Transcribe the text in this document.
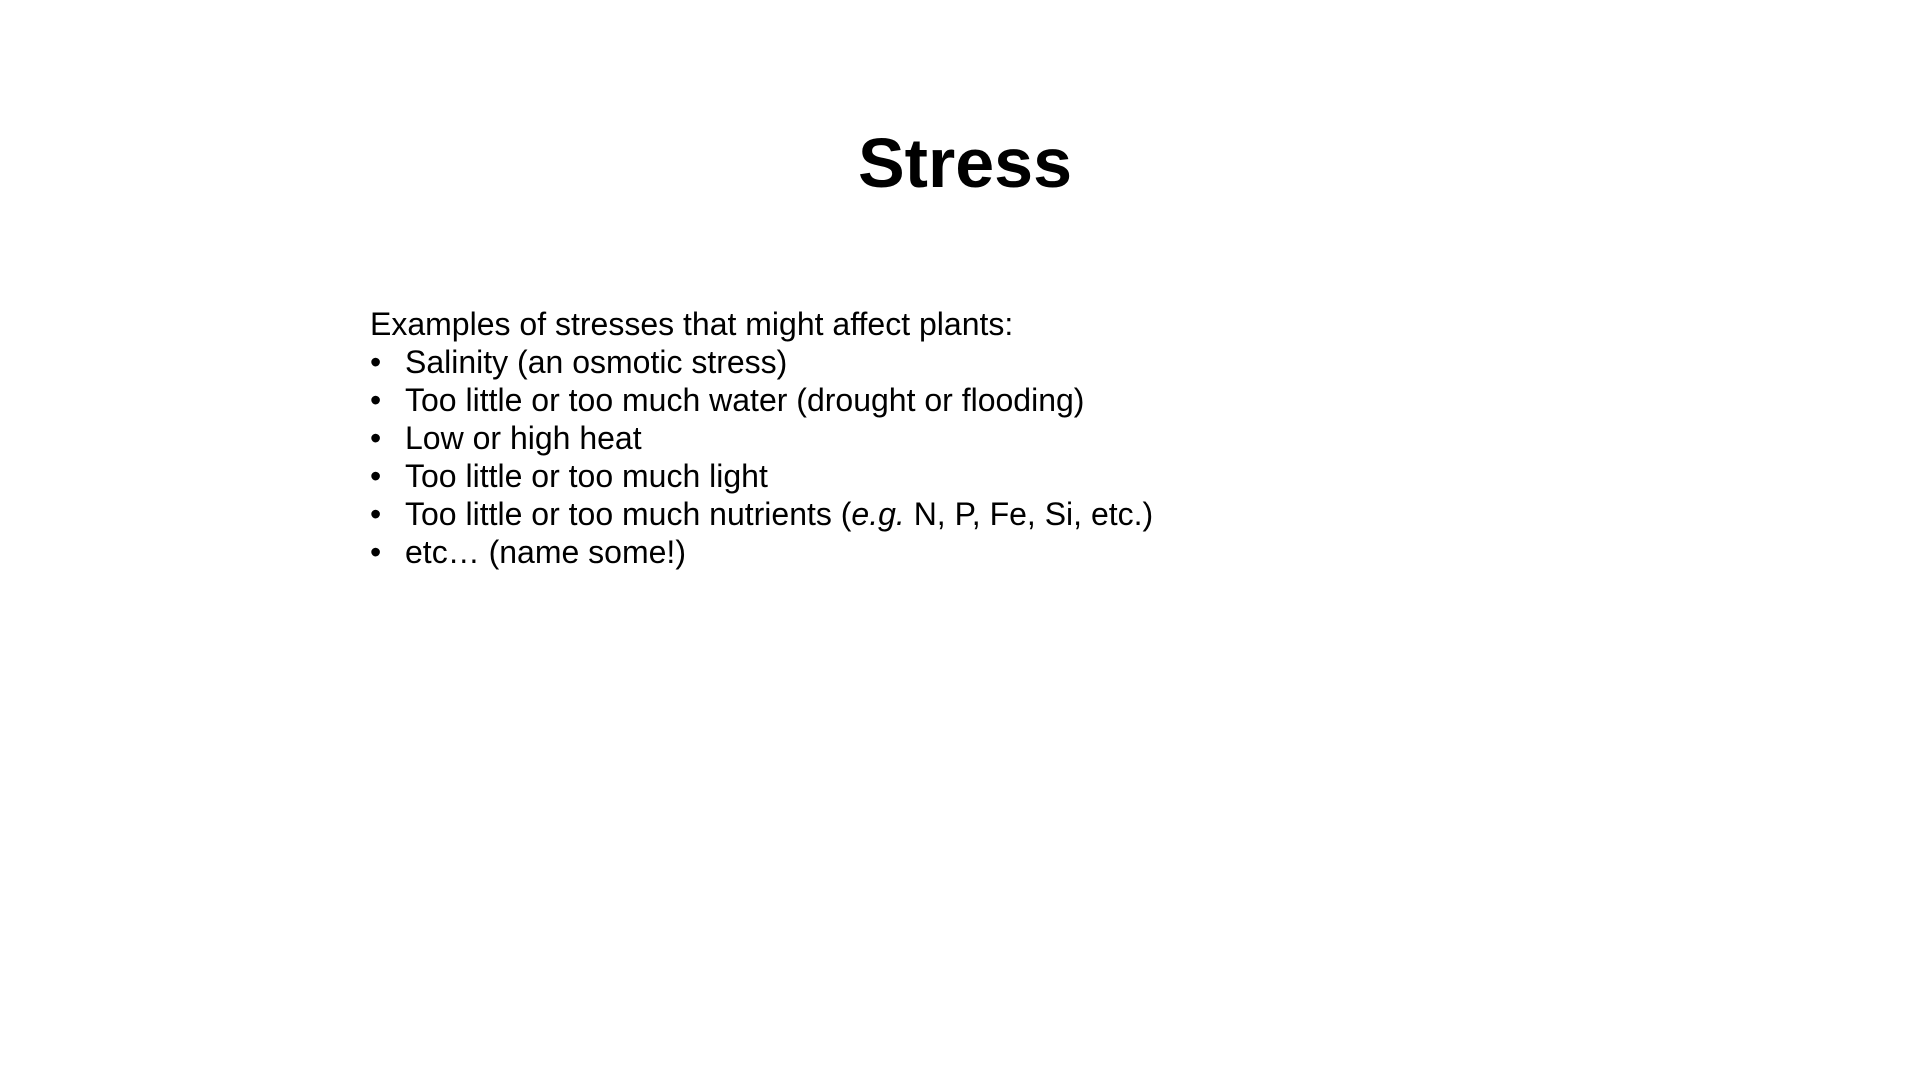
Stress

Examples of stresses that might affect plants:

• Salinity (an osmotic stress)
• Too little or too much water (drought or flooding)
• Low or high heat
• Too little or too much light
• Too little or too much nutrients (e.g. N, P, Fe, Si, etc.)
• etc… (name some!)
